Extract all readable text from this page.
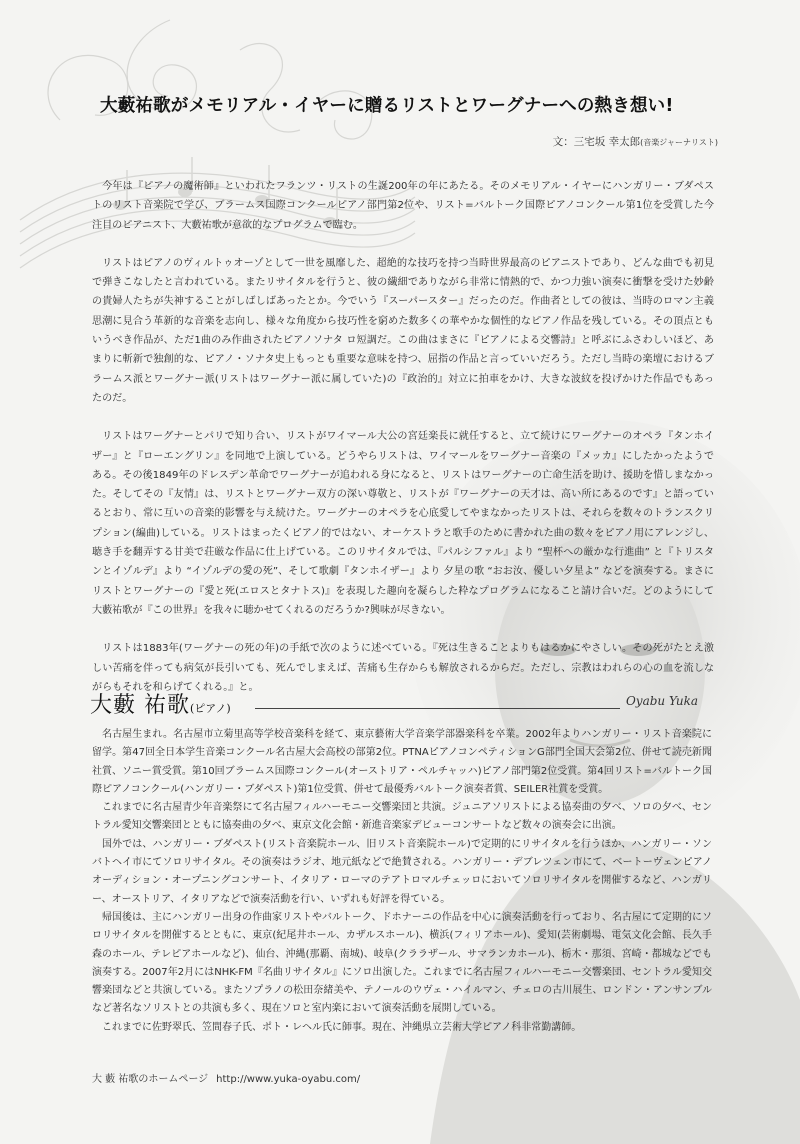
大藪祐歌がメモリアル・イヤーに贈るリストとワーグナーへの熱き想い!
文：三宅坂 幸太郎(音楽ジャーナリスト)

今年は『ピアノの魔術師』といわれたフランツ・リストの生誕200年の年にあたる。そのメモリアル・イヤーにハンガリー・ブダペストのリスト音楽院で学び、ブラームス国際コンクールピアノ部門第2位や、リスト=バルトーク国際ピアノコンクール第1位を受賞した今注目のピアニスト、大藪祐歌が意欲的なプログラムで臨む。

リストはピアノのヴィルトゥオーゾとして一世を風靡した、超絶的な技巧を持つ当時世界最高のピアニストであり、どんな曲でも初見で弾きこなしたと言われている。またリサイタルを行うと、彼の繊細でありながら非常に情熱的で、かつ力強い演奏に衝撃を受けた妙齢の貴婦人たちが失神することがしばしばあったとか。今でいう『スーパースター』だったのだ。作曲者としての彼は、当時のロマン主義思潮に見合う革新的な音楽を志向し、様々な角度から技巧性を窮めた数多くの華やかな個性的なピアノ作品を残している。その頂点ともいうべき作品が、ただ1曲のみ作曲されたピアノソナタ ロ短調だ。この曲はまさに『ピアノによる交響詩』と呼ぶにふさわしいほど、あまりに斬新で独創的な、ピアノ・ソナタ史上もっとも重要な意味を持つ、屈指の作品と言っていいだろう。ただし当時の楽壇におけるブラームス派とワーグナー派(リストはワーグナー派に属していた)の『政治的』対立に拍車をかけ、大きな波紋を投げかけた作品でもあったのだ。

リストはワーグナーとパリで知り合い、リストがワイマール大公の宮廷楽長に就任すると、立て続けにワーグナーのオペラ『タンホイザー』と『ローエングリン』を同地で上演している。どうやらリストは、ワイマールをワーグナー音楽の『メッカ』にしたかったようである。その後1849年のドレスデン革命でワーグナーが追われる身になると、リストはワーグナーの亡命生活を助け、援助を惜しまなかった。そしてその『友情』は、リストとワーグナー双方の深い尊敬と、リストが『ワーグナーの天才は、高い所にあるのです』と語っているとおり、常に互いの音楽的影響を与え続けた。ワーグナーのオペラを心底愛してやまなかったリストは、それらを数々のトランスクリプション(編曲)している。リストはまったくピアノ的ではない、オーケストラと歌手のために書かれた曲の数々をピアノ用にアレンジし、聴き手を翻弄する甘美で荘厳な作品に仕上げている。このリサイタルでは、『パルシファル』より “聖杯への厳かな行進曲” と『トリスタンとイゾルデ』より “イゾルデの愛の死”、そして歌劇『タンホイザー』より 夕星の歌 “おお汝、優しい夕星よ” などを演奏する。まさにリストとワーグナーの『愛と死(エロスとタナトス)』を表現した趣向を凝らした粋なプログラムになること請け合いだ。どのようにして大藪祐歌が『この世界』を我々に聴かせてくれるのだろうか?興味が尽きない。

リストは1883年(ワーグナーの死の年)の手紙で次のように述べている。『死は生きることよりもはるかにやさしい。その死がたとえ激しい苦痛を伴っても病気が長引いても、死んでしまえば、苦痛も生存からも解放されるからだ。ただし、宗教はわれらの心の血を流しながらもそれを和らげてくれる。』と。

大藪 祐歌(ピアノ)
Oyabu Yuka

名古屋生まれ。名古屋市立菊里高等学校音楽科を経て、東京藝術大学音楽学部器楽科を卒業。2002年よりハンガリー・リスト音楽院に留学。第47回全日本学生音楽コンクール名古屋大会高校の部第2位。PTNAピアノコンペティションG部門全国大会第2位、併せて読売新聞社賞、ソニー賞受賞。第10回ブラームス国際コンクール(オーストリア・ペルチャッハ)ピアノ部門第2位受賞。第4回リスト=バルトーク国際ピアノコンクール(ハンガリー・ブダペスト)第1位受賞、併せて最優秀バルトーク演奏者賞、SEILER社賞を受賞。

これまでに名古屋青少年音楽祭にて名古屋フィルハーモニー交響楽団と共演。ジュニアソリストによる協奏曲の夕べ、ソロの夕べ、セントラル愛知交響楽団とともに協奏曲の夕べ、東京文化会館・新進音楽家デビューコンサートなど数々の演奏会に出演。

国外では、ハンガリー・ブダペスト(リスト音楽院ホール、旧リスト音楽院ホール)で定期的にリサイタルを行うほか、ハンガリー・ソンバトヘイ市にてソロリサイタル。その演奏はラジオ、地元紙などで絶賛される。ハンガリー・デブレツェン市にて、ベートーヴェンピアノオーディション・オープニングコンサート、イタリア・ローマのテアトロマルチェッロにおいてソロリサイタルを開催するなど、ハンガリー、オーストリア、イタリアなどで演奏活動を行い、いずれも好評を得ている。

帰国後は、主にハンガリー出身の作曲家リストやバルトーク、ドホナーニの作品を中心に演奏活動を行っており、名古屋にて定期的にソロリサイタルを開催するとともに、東京(紀尾井ホール、カザルスホール)、横浜(フィリアホール)、愛知(芸術劇場、電気文化会館、長久手森のホール、テレピアホールなど)、仙台、沖縄(那覇、南城)、岐阜(クララザール、サマランカホール)、栃木・那須、宮崎・都城などでも演奏する。2007年2月にはNHK-FM『名曲リサイタル』にソロ出演した。これまでに名古屋フィルハーモニー交響楽団、セントラル愛知交響楽団などと共演している。またソプラノの松田奈緒美や、テノールのウヴェ・ハイルマン、チェロの古川展生、ロンドン・アンサンブルなど著名なソリストとの共演も多く、現在ソロと室内楽において演奏活動を展開している。

これまでに佐野翠氏、笠間春子氏、ポト・レヘル氏に師事。現在、沖縄県立芸術大学ピアノ科非常勤講師。

大 藪 祐歌のホームページ http://www.yuka-oyabu.com/
